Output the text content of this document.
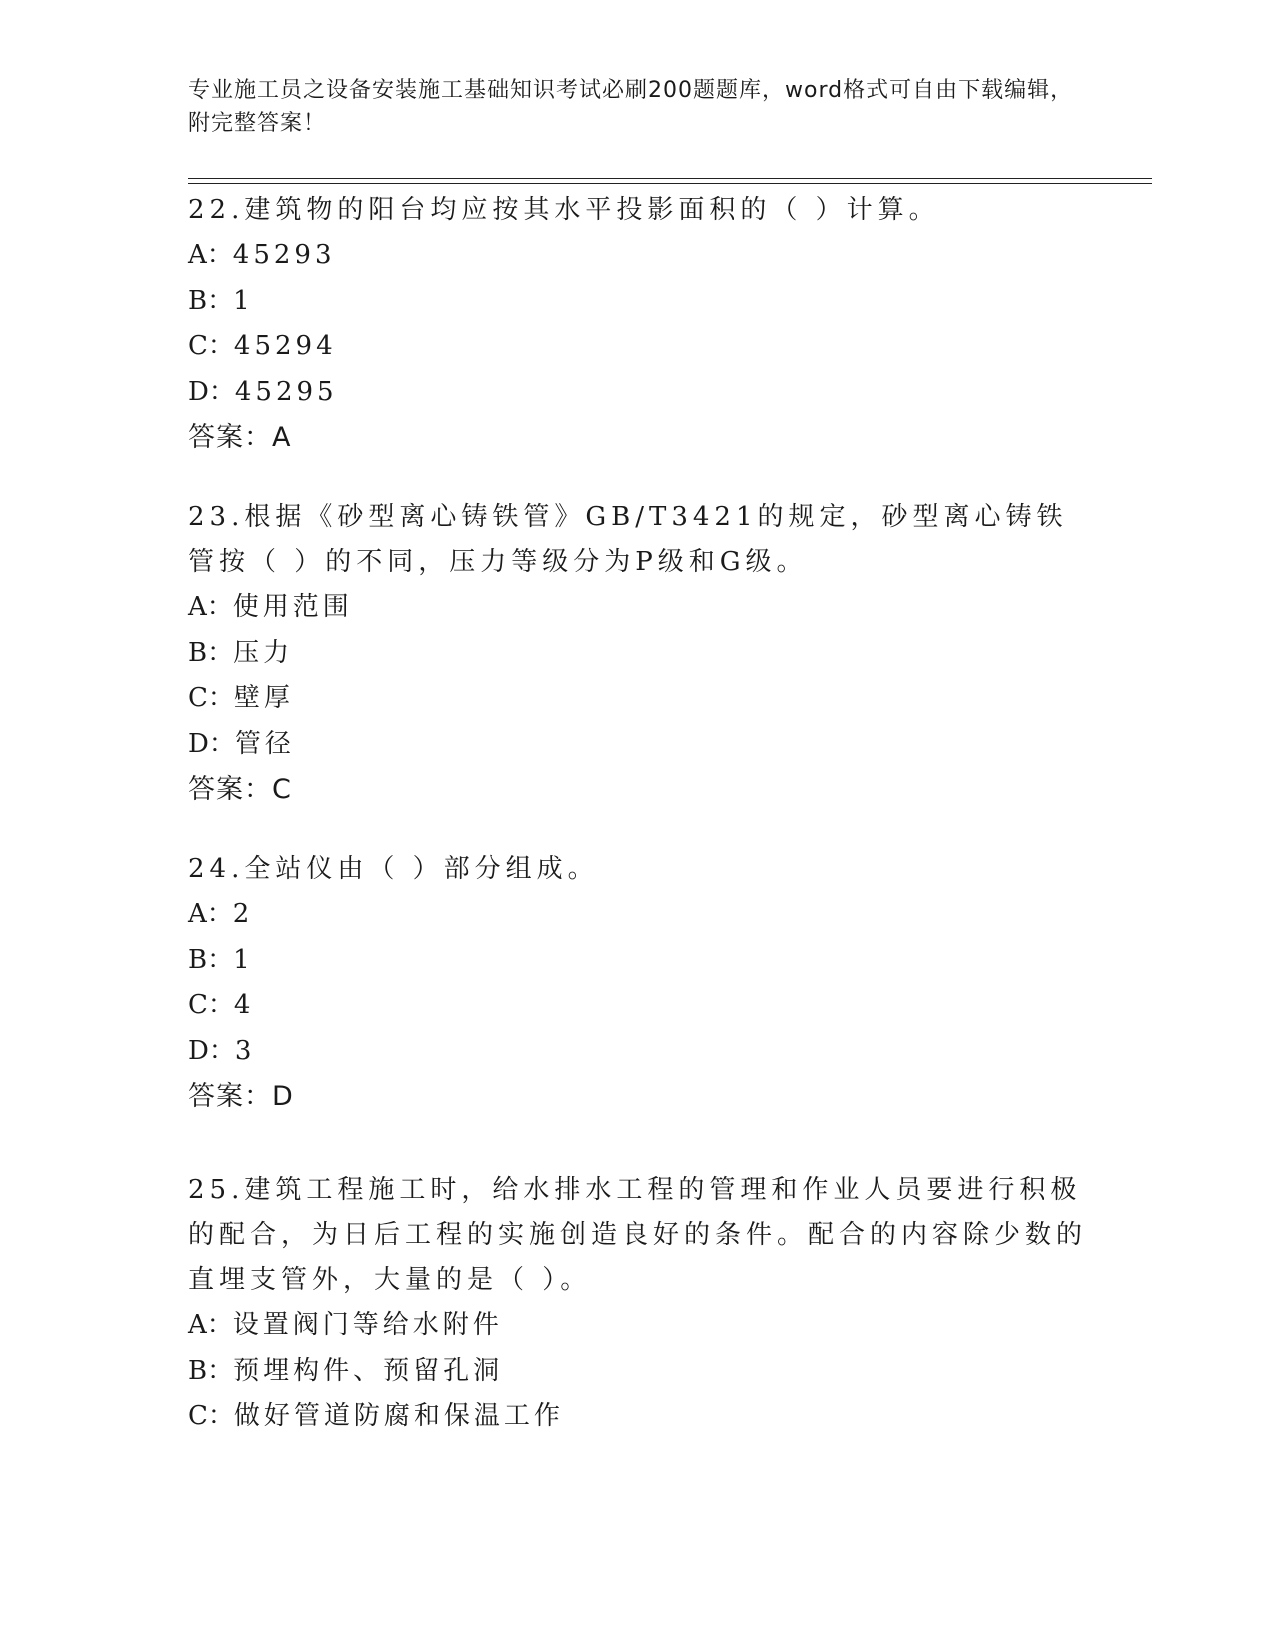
专业施工员之设备安装施工基础知识考试必刷200题题库，word格式可自由下载编辑，附完整答案！
22.建筑物的阳台均应按其水平投影面积的（ ）计算。
A：45293
B：1
C：45294
D：45295
答案：A
23.根据《砂型离心铸铁管》GB/T3421的规定，砂型离心铸铁管按（ ）的不同，压力等级分为P级和G级。
A：使用范围
B：压力
C：壁厚
D：管径
答案：C
24.全站仪由（ ）部分组成。
A：2
B：1
C：4
D：3
答案：D
25.建筑工程施工时，给水排水工程的管理和作业人员要进行积极的配合，为日后工程的实施创造良好的条件。配合的内容除少数的直埋支管外，大量的是（ ）。
A：设置阀门等给水附件
B：预埋构件、预留孔洞
C：做好管道防腐和保温工作
